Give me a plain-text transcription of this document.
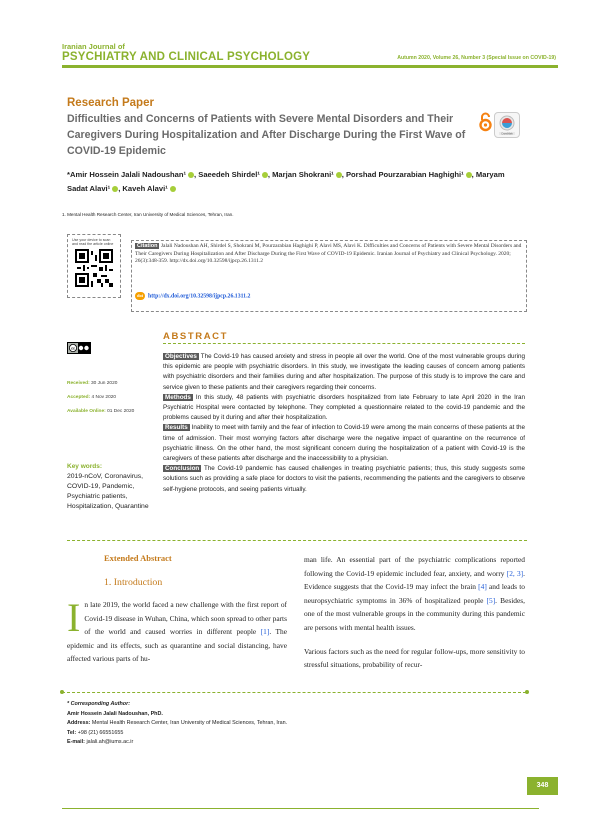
Iranian Journal of
PSYCHIATRY AND CLINICAL PSYCHOLOGY	Autumn 2020, Volume 26, Number 3 (Special Issue on COVID-19)
Research Paper
Difficulties and Concerns of Patients with Severe Mental Disorders and Their Caregivers During Hospitalization and After Discharge During the First Wave of COVID-19 Epidemic
CrossMark
*Amir Hossein Jalali Nadoushan¹ , Saeedeh Shirdel¹ , Marjan Shokrani¹ , Porshad Pourzarabian Haghighi¹ , Maryam Sadat Alavi¹ , Kaveh Alavi¹
1. Mental Health Research Center, Iran University of Medical Sciences, Tehran, Iran.
Use your device to scan and read the article online	Citation Jalali Nadoushan AH, Shirdel S, Shokrani M, Pourzarabian Haghighi P, Alavi MS, Alavi K. Difficulties and Concerns of Patients with Severe Mental Disorders and Their Caregivers During Hospitalization and After Discharge During the First Wave of COVID-19 Epidemic. Iranian Journal of Psychiatry and Clinical Psychology. 2020; 26(3):348-359. http://dx.doi.org/10.32598/ijpcp.26.1311.2
doi http://dx.doi.org/10.32598/ijpcp.26.1311.2
cc
Received: 30 Jun 2020
Accepted: 4 Nov 2020
Available Online: 01 Dec 2020
Key words:
2019-nCoV, Coronavirus, COVID-19, Pandemic, Psychiatric patients, Hospitalization, Quarantine
ABSTRACT

Objectives The Covid-19 has caused anxiety and stress in people all over the world. One of the most vulnerable groups during this epidemic are people with psychiatric disorders. In this study, we investigate the leading causes of concern among patients with psychiatric disorders and their families during and after hospitalization. The purpose of this study is to improve the care and service given to these patients and their caregivers regarding their concerns.

Methods In this study, 48 patients with psychiatric disorders hospitalized from late February to late April 2020 in the Iran Psychiatric Hospital were contacted by telephone. They completed a questionnaire related to the covid-19 pandemic and the problems caused by it during and after their hospitalization.

Results Inability to meet with family and the fear of infection to Covid-19 were among the main concerns of these patients at the time of admission. Their most worrying factors after discharge were the negative impact of quarantine on the recurrence of psychiatric illness. On the other hand, the most significant concern during the hospitalization of a patient with Covid-19 is the caregivers of these patients after discharge and the inaccessibility to a physician.

Conclusion The Covid-19 pandemic has caused challenges in treating psychiatric patients; thus, this study suggests some solutions such as providing a safe place for doctors to visit the patients, recommending the patients and the caregivers to observe self-hygiene protocols, and seeing patients virtually.

Extended Abstract
1. Introduction
In late 2019, the world faced a new challenge with the first report of Covid-19 disease in Wuhan, China, which soon spread to other parts of the world and caused worries in different people [1]. The epidemic and its effects, such as quarantine and social distancing, have affected various parts of hu-

man life. An essential part of the psychiatric complications reported following the Covid-19 epidemic included fear, anxiety, and worry [2, 3]. Evidence suggests that the Covid-19 may infect the brain [4] and leads to neuropsychiatric symptoms in 36% of hospitalized people [5]. Besides, one of the most vulnerable groups in the community during this pandemic are persons with mental health issues.

Various factors such as the need for regular follow-ups, more sensitivity to stressful situations, probability of recur-

* Corresponding Author:
Amir Hossein Jalali Nadoushan, PhD.
Address: Mental Health Research Center, Iran University of Medical Sciences, Tehran, Iran.
Tel: +98 (21) 66551655
E-mail: jalali.ah@iums.ac.ir
348
